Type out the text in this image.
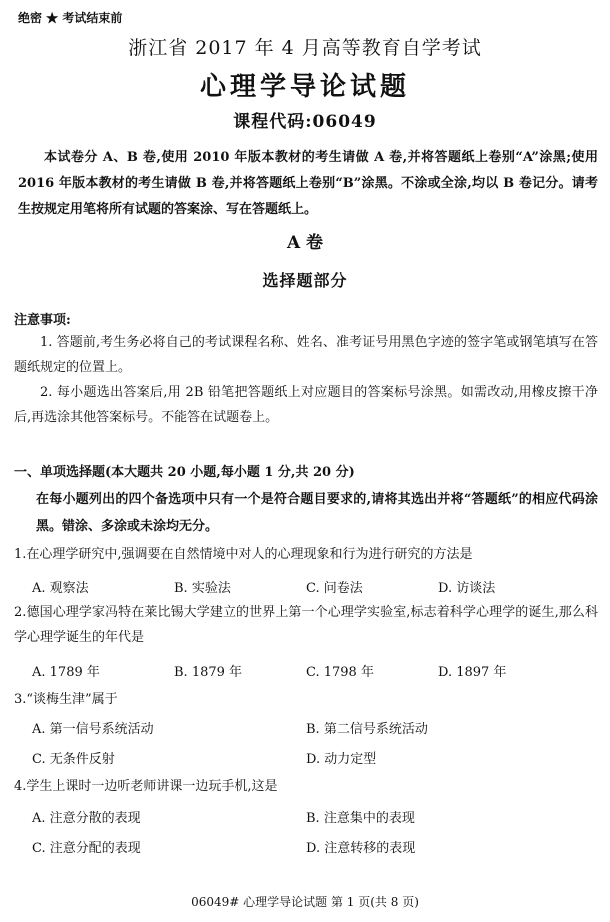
绝密 ★ 考试结束前
浙江省 2017 年 4 月高等教育自学考试
心理学导论试题
课程代码:06049
本试卷分 A、B 卷,使用 2010 年版本教材的考生请做 A 卷,并将答题纸上卷别“A”涂黑;使用 2016 年版本教材的考生请做 B 卷,并将答题纸上卷别“B”涂黑。不涂或全涂,均以 B 卷记分。请考生按规定用笔将所有试题的答案涂、写在答题纸上。
A 卷
选择题部分
注意事项:
1. 答题前,考生务必将自己的考试课程名称、姓名、准考证号用黑色字迹的签字笔或钢笔填写在答题纸规定的位置上。
2. 每小题选出答案后,用 2B 铅笔把答题纸上对应题目的答案标号涂黑。如需改动,用橡皮擦干净后,再选涂其他答案标号。不能答在试题卷上。
一、单项选择题(本大题共 20 小题,每小题 1 分,共 20 分)
在每小题列出的四个备选项中只有一个是符合题目要求的,请将其选出并将“答题纸”的相应代码涂黑。错涂、多涂或未涂均无分。
1.在心理学研究中,强调要在自然情境中对人的心理现象和行为进行研究的方法是
A. 观察法	B. 实验法	C. 问卷法	D. 访谈法
2.德国心理学家冯特在莱比锡大学建立的世界上第一个心理学实验室,标志着科学心理学的诞生,那么科学心理学诞生的年代是
A. 1789 年	B. 1879 年	C. 1798 年	D. 1897 年
3.“谈梅生津”属于
A. 第一信号系统活动	B. 第二信号系统活动
C. 无条件反射	D. 动力定型
4.学生上课时一边听老师讲课一边玩手机,这是
A. 注意分散的表现	B. 注意集中的表现
C. 注意分配的表现	D. 注意转移的表现
06049# 心理学导论试题 第 1 页(共 8 页)
